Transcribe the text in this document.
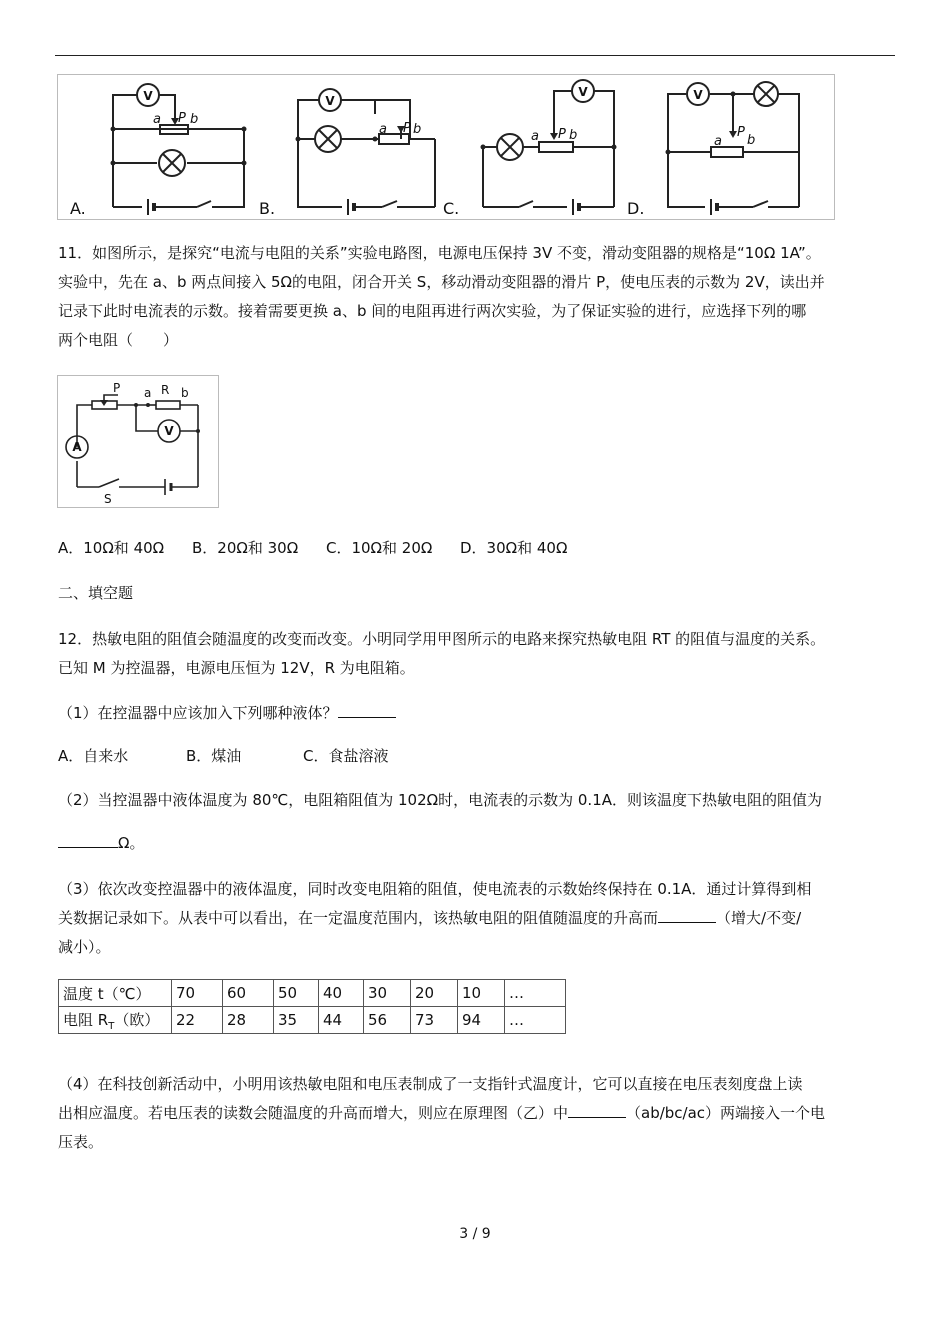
a P b
a P b	a P b	a
P
b
V	V
V	V
A.	B.	C.	D.

11．如图所示，是探究“电流与电阻的关系”实验电路图，电源电压保持 3V 不变，滑动变阻器的规格是“10Ω 1A”。

实验中，先在 a、b 两点间接入 5Ω的电阻，闭合开关 S，移动滑动变阻器的滑片 P，使电压表的示数为 2V，读出并

记录下此时电流表的示数。接着需要更换 a、b 间的电阻再进行两次实验，为了保证实验的进行，应选择下列的哪

两个电阻（　　）

P a R b
S
A
V
A．10Ω和 40Ω B．20Ω和 30Ω C．10Ω和 20Ω D．30Ω和 40Ω
二、填空题

12．热敏电阻的阻值会随温度的改变而改变。小明同学用甲图所示的电路来探究热敏电阻 RT 的阻值与温度的关系。

已知 M 为控温器，电源电压恒为 12V，R 为电阻箱。

（1）在控温器中应该加入下列哪种液体？

A．自来水	B．煤油	C．食盐溶液

（2）当控温器中液体温度为 80℃，电阻箱阻值为 102Ω时，电流表的示数为 0.1A．则该温度下热敏电阻的阻值为

Ω。

（3）依次改变控温器中的液体温度，同时改变电阻箱的阻值，使电流表的示数始终保持在 0.1A．通过计算得到相

关数据记录如下。从表中可以看出，在一定温度范围内，该热敏电阻的阻值随温度的升高而	（增大/不变/

减小）。

温度 t（℃）	70	60	50	40	30	20	10	…
电阻 $R_T$（欧）	22	28	35	44	56	73	94	…

（4）在科技创新活动中，小明用该热敏电阻和电压表制成了一支指针式温度计，它可以直接在电压表刻度盘上读

出相应温度。若电压表的读数会随温度的升高而增大，则应在原理图（乙）中	（ab/bc/ac）两端接入一个电

压表。

3 / 9
